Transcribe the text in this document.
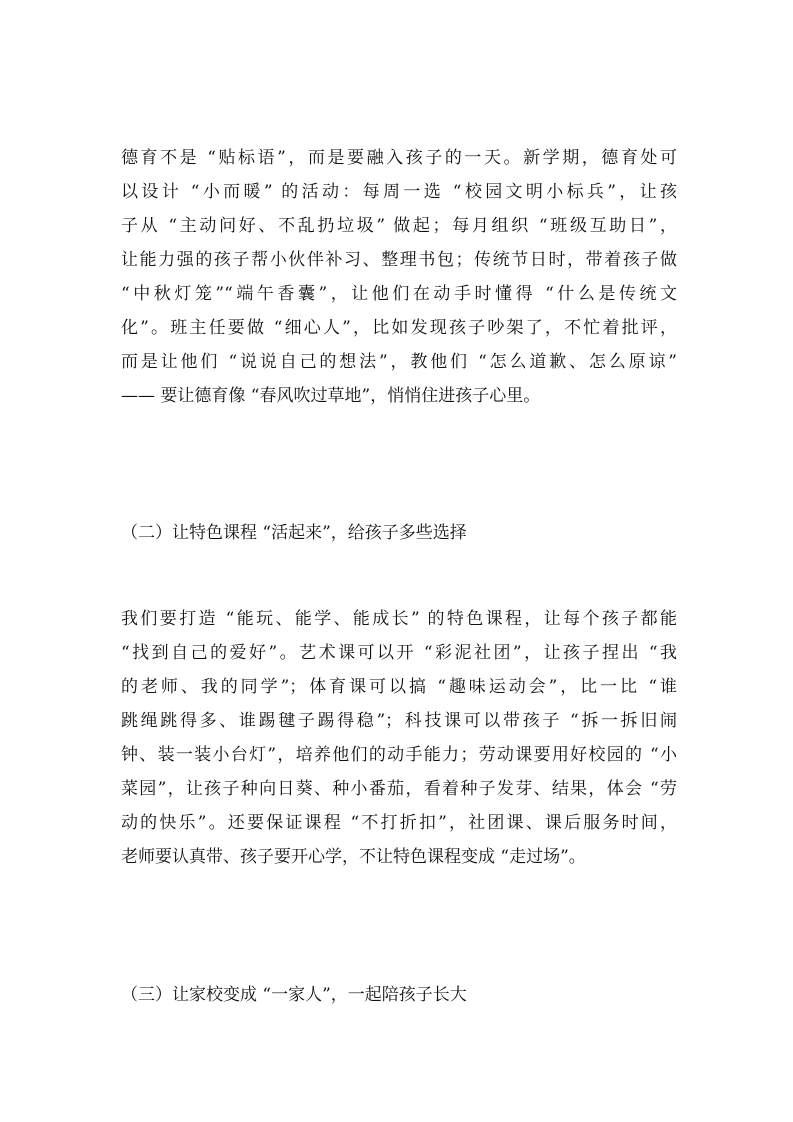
德育不是 “贴标语”，而是要融入孩子的一天。新学期，德育处可
以设计 “小而暖” 的活动：每周一选 “校园文明小标兵”，让孩
子从 “主动问好、不乱扔垃圾” 做起；每月组织 “班级互助日”，
让能力强的孩子帮小伙伴补习、整理书包；传统节日时，带着孩子做
“中秋灯笼”“端午香囊”，让他们在动手时懂得 “什么是传统文
化”。班主任要做 “细心人”，比如发现孩子吵架了，不忙着批评，
而是让他们 “说说自己的想法”，教他们 “怎么道歉、怎么原谅”
—— 要让德育像 “春风吹过草地”，悄悄住进孩子心里。
（二）让特色课程 “活起来”，给孩子多些选择
我们要打造 “能玩、能学、能成长” 的特色课程，让每个孩子都能
“找到自己的爱好”。艺术课可以开 “彩泥社团”，让孩子捏出 “我
的老师、我的同学”；体育课可以搞 “趣味运动会”，比一比 “谁
跳绳跳得多、谁踢毽子踢得稳”；科技课可以带孩子 “拆一拆旧闹
钟、装一装小台灯”，培养他们的动手能力；劳动课要用好校园的 “小
菜园”，让孩子种向日葵、种小番茄，看着种子发芽、结果，体会 “劳
动的快乐”。还要保证课程 “不打折扣”，社团课、课后服务时间，
老师要认真带、孩子要开心学，不让特色课程变成 “走过场”。
（三）让家校变成 “一家人”，一起陪孩子长大
